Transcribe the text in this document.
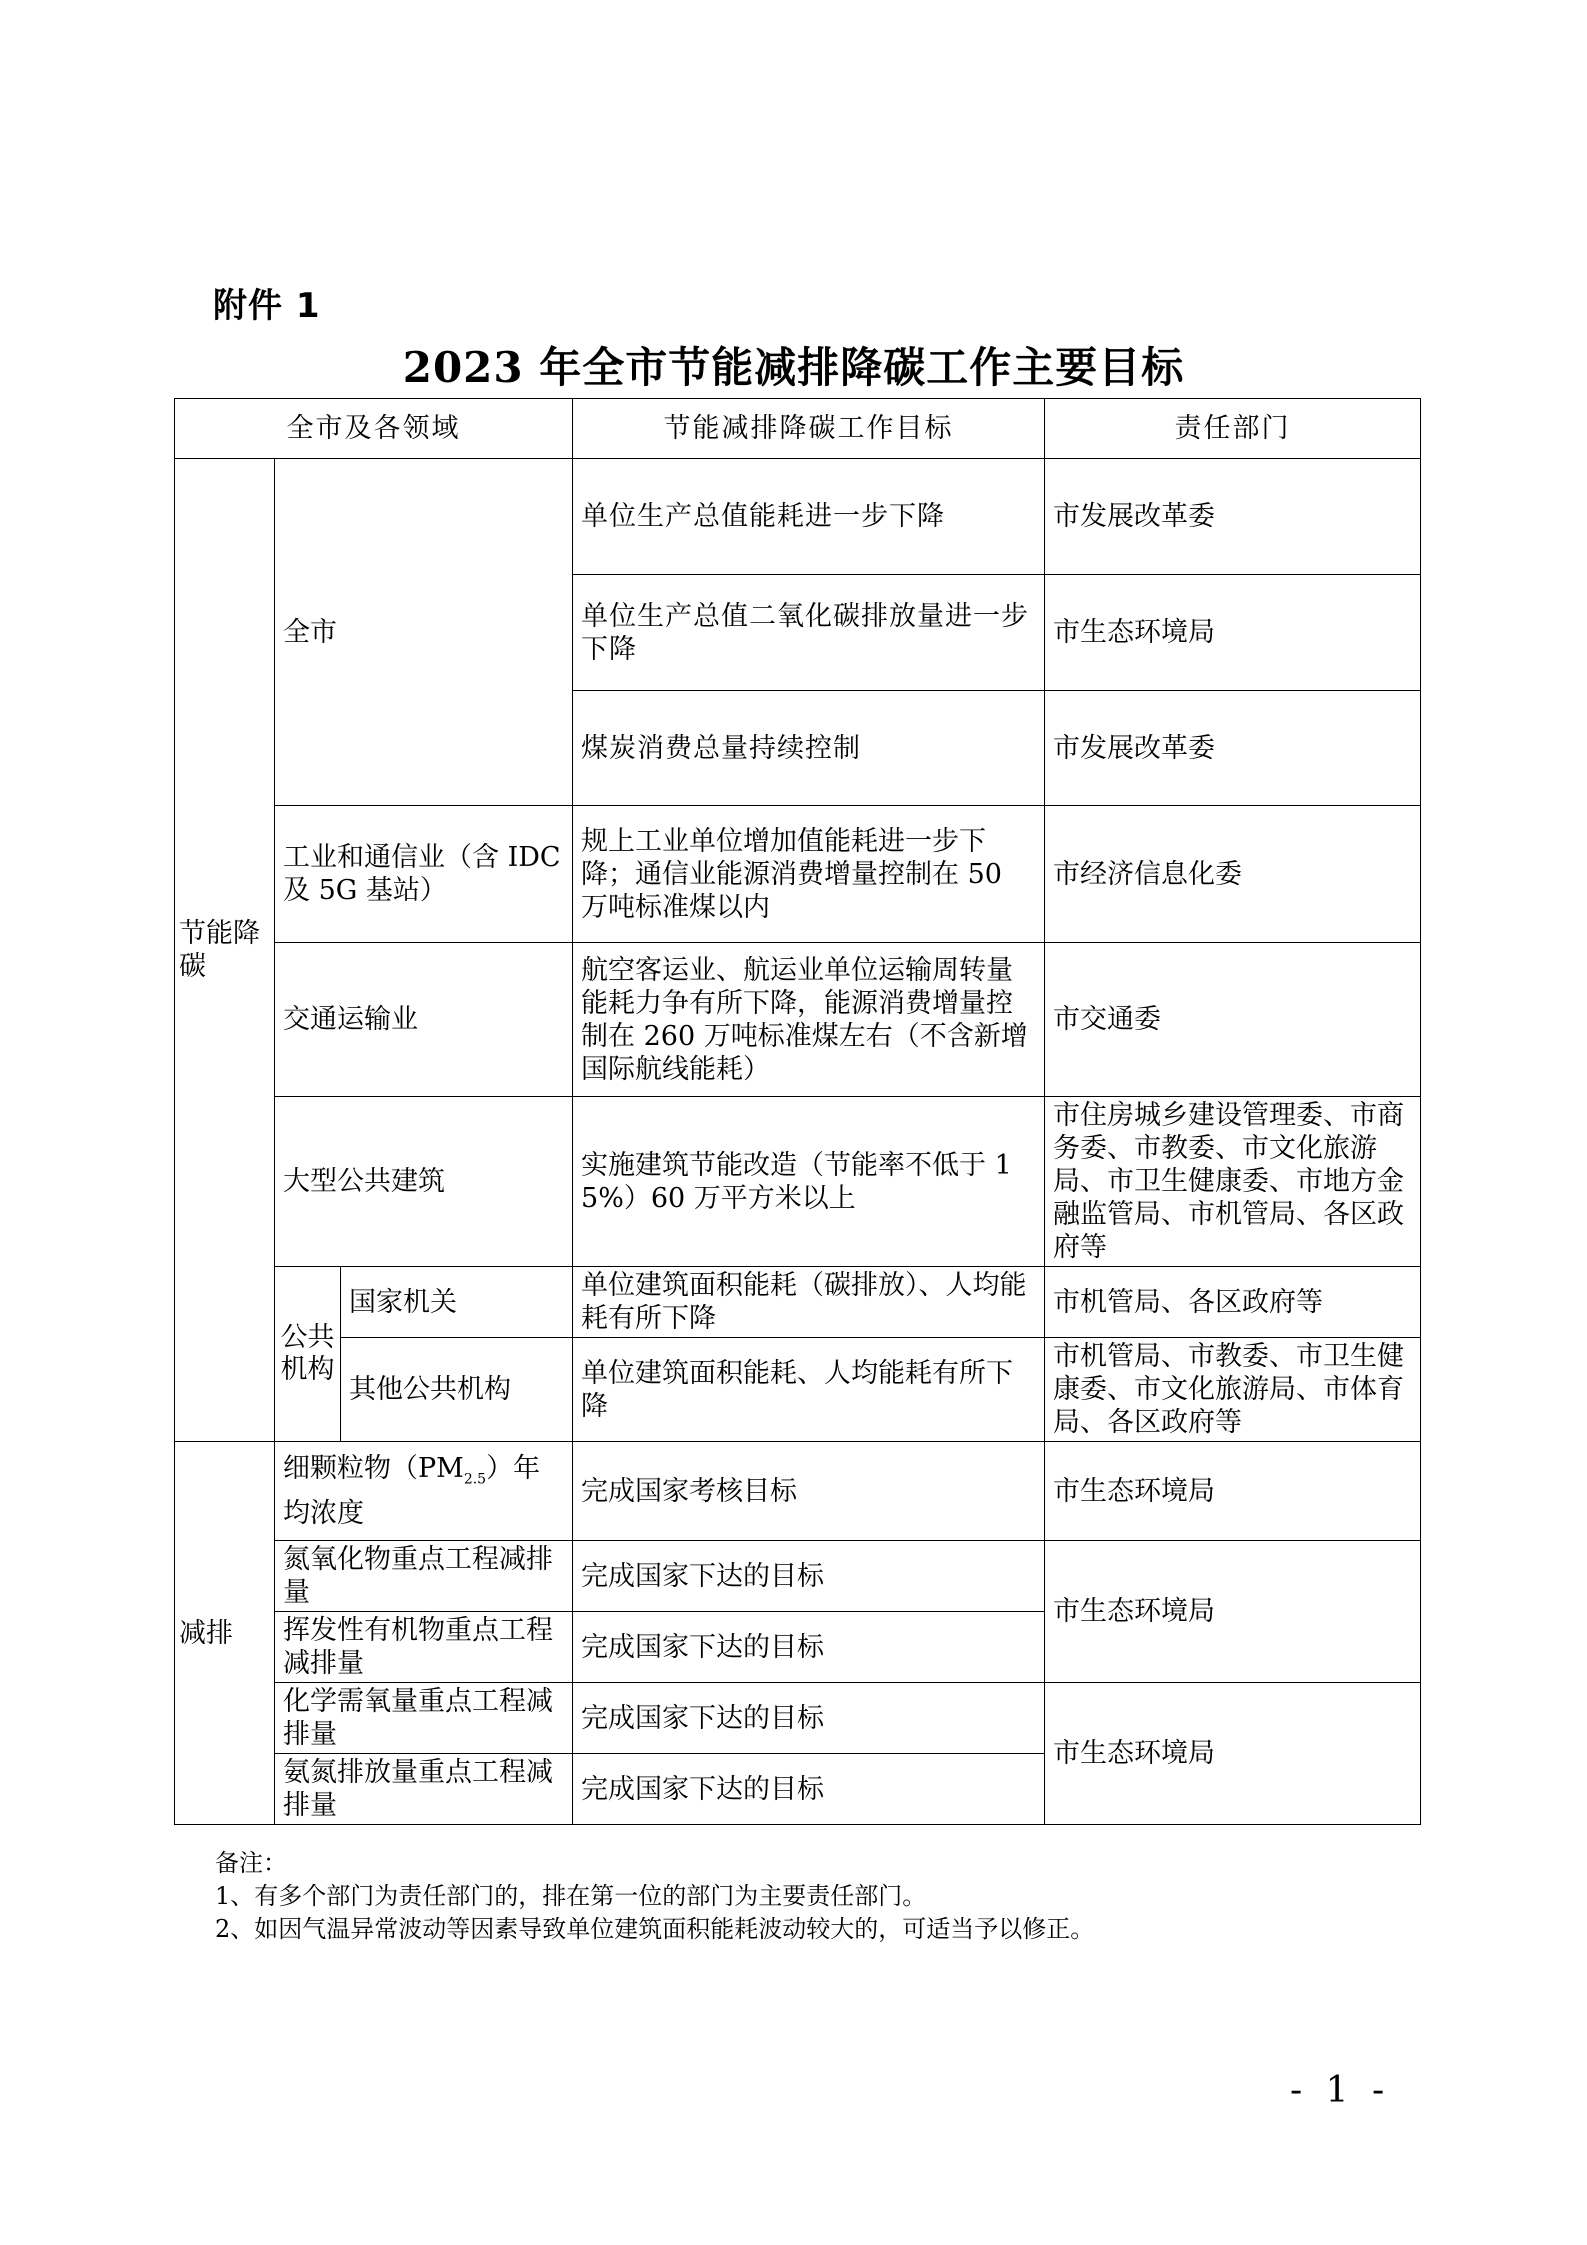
附件 1
2023 年全市节能减排降碳工作主要目标
全市及各领域			节能减排降碳工作目标	责任部门
节能降碳	全市		单位生产总值能耗进一步下降	市发展改革委
			单位生产总值二氧化碳排放量进一步下降	市生态环境局
			煤炭消费总量持续控制	市发展改革委
	工业和通信业（含 IDC 及 5G 基站）		规上工业单位增加值能耗进一步下降；通信业能源消费增量控制在 50 万吨标准煤以内	市经济信息化委
	交通运输业		航空客运业、航运业单位运输周转量能耗力争有所下降，能源消费增量控制在 260 万吨标准煤左右（不含新增国际航线能耗）	市交通委
	大型公共建筑		实施建筑节能改造（节能率不低于 15%）60 万平方米以上	市住房城乡建设管理委、市商务委、市教委、市文化旅游局、市卫生健康委、市地方金融监管局、市机管局、各区政府等
	公共机构	国家机关	单位建筑面积能耗（碳排放）、人均能耗有所下降	市机管局、各区政府等
		其他公共机构	单位建筑面积能耗、人均能耗有所下降	市机管局、市教委、市卫生健康委、市文化旅游局、市体育局、各区政府等
减排	细颗粒物$(PM_{2.5})$年均浓度		完成国家考核目标	市生态环境局
	氮氧化物重点工程减排量		完成国家下达的目标	市生态环境局
	挥发性有机物重点工程减排量		完成国家下达的目标	
	化学需氧量重点工程减排量		完成国家下达的目标	市生态环境局
	氨氮排放量重点工程减排量		完成国家下达的目标	
备注：
1、有多个部门为责任部门的，排在第一位的部门为主要责任部门。
2、如因气温异常波动等因素导致单位建筑面积能耗波动较大的，可适当予以修正。
- 1 -
